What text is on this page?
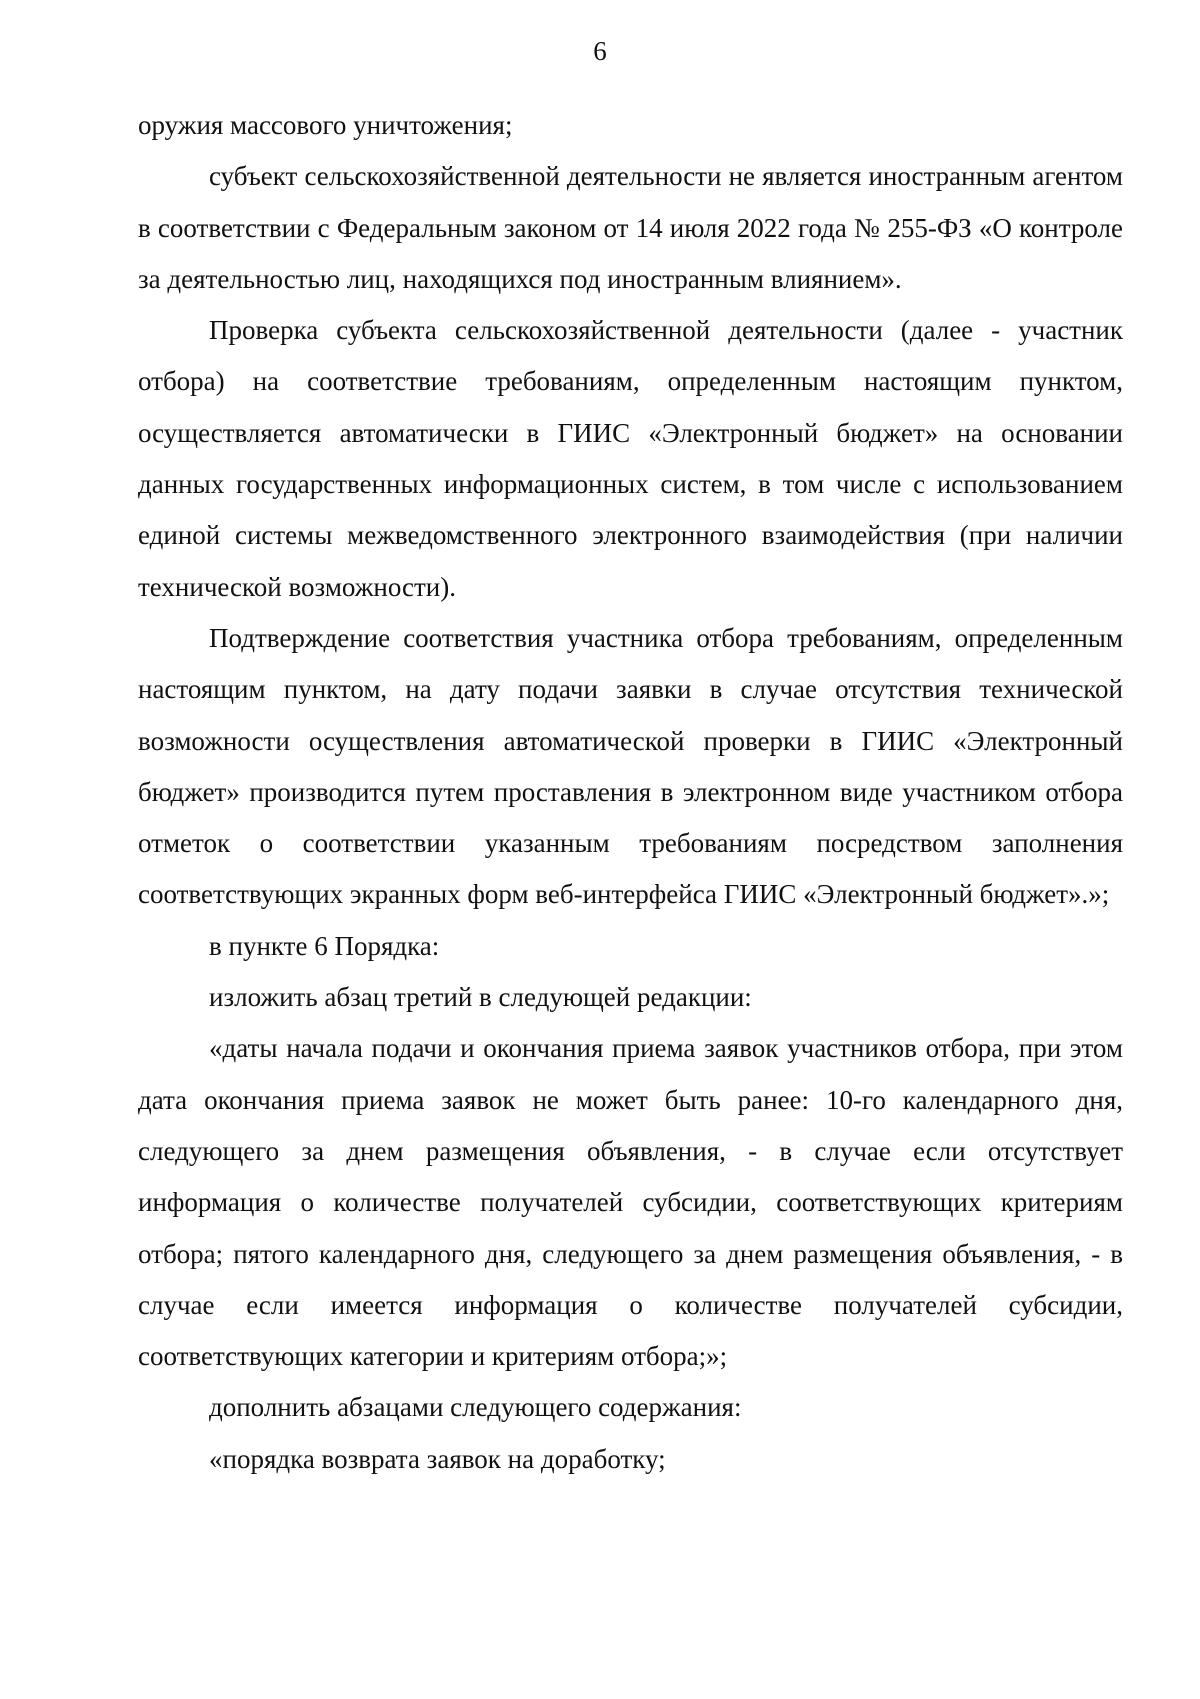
6

оружия массового уничтожения;

субъект сельскохозяйственной деятельности не является иностранным агентом в соответствии с Федеральным законом от 14 июля 2022 года № 255-ФЗ «О контроле за деятельностью лиц, находящихся под иностранным влиянием».

Проверка субъекта сельскохозяйственной деятельности (далее - участник отбора) на соответствие требованиям, определенным настоящим пунктом, осуществляется автоматически в ГИИС «Электронный бюджет» на основании данных государственных информационных систем, в том числе с использованием единой системы межведомственного электронного взаимодействия (при наличии технической возможности).

Подтверждение соответствия участника отбора требованиям, определенным настоящим пунктом, на дату подачи заявки в случае отсутствия технической возможности осуществления автоматической проверки в ГИИС «Электронный бюджет» производится путем проставления в электронном виде участником отбора отметок о соответствии указанным требованиям посредством заполнения соответствующих экранных форм веб-интерфейса ГИИС «Электронный бюджет».»;

в пункте 6 Порядка:

изложить абзац третий в следующей редакции:

«даты начала подачи и окончания приема заявок участников отбора, при этом дата окончания приема заявок не может быть ранее: 10-го календарного дня, следующего за днем размещения объявления, - в случае если отсутствует информация о количестве получателей субсидии, соответствующих критериям отбора; пятого календарного дня, следующего за днем размещения объявления, - в случае если имеется информация о количестве получателей субсидии, соответствующих категории и критериям отбора;»;

дополнить абзацами следующего содержания:

«порядка возврата заявок на доработку;
